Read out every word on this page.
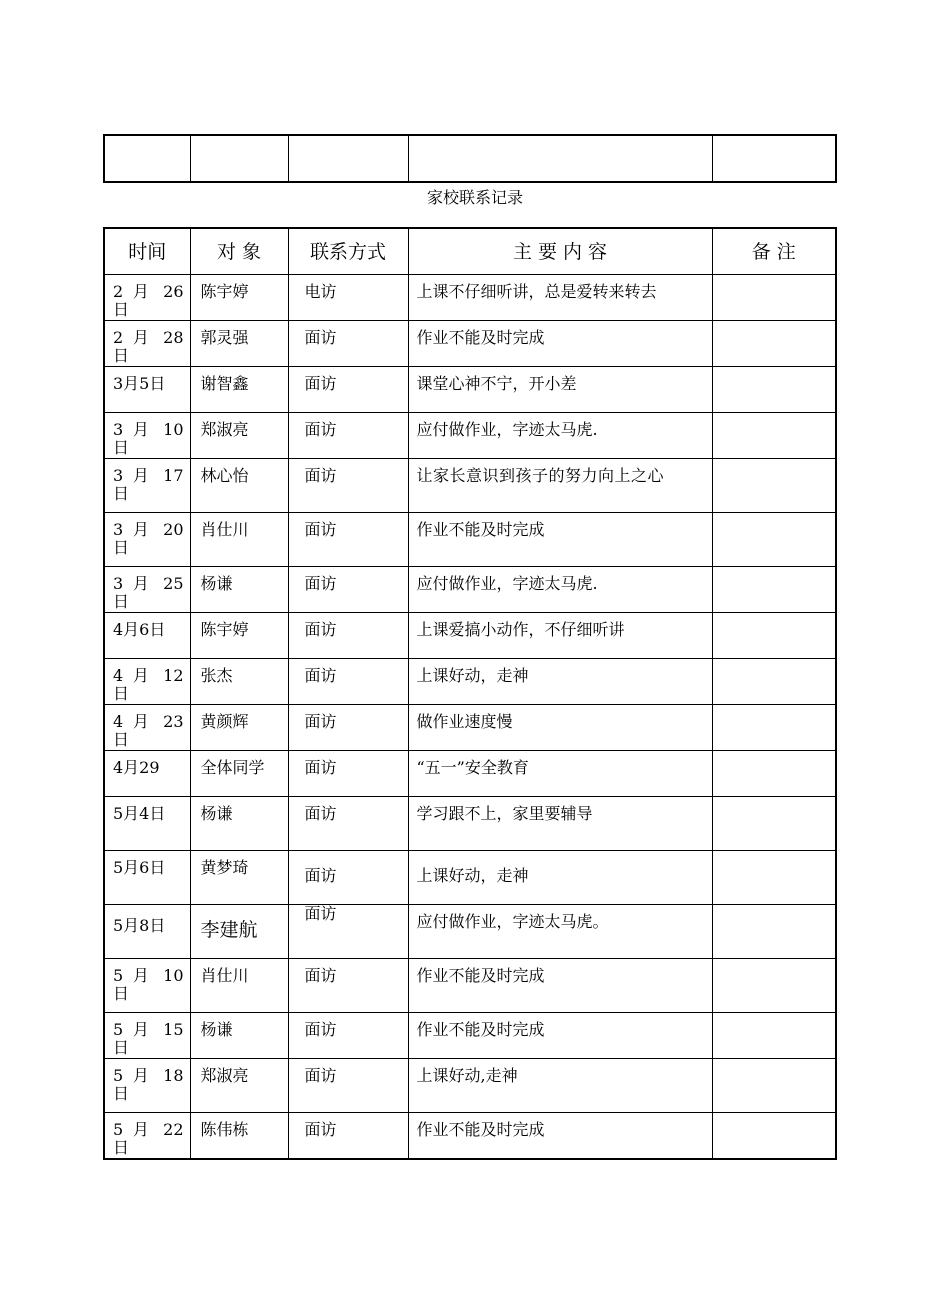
家校联系记录
时间	对 象	联系方式	主 要 内 容	备 注
2 月 26 日	陈宇婷	电访	上课不仔细听讲，总是爱转来转去	
2 月 28 日	郭灵强	面访	作业不能及时完成	
3月5日	谢智鑫	面访	课堂心神不宁，开小差	
3 月 10 日	郑淑亮	面访	应付做作业，字迹太马虎.	
3 月 17 日	林心怡	面访	让家长意识到孩子的努力向上之心	
3 月 20 日	肖仕川	面访	作业不能及时完成	
3 月 25 日	杨谦	面访	应付做作业，字迹太马虎.	
4月6日	陈宇婷	面访	上课爱搞小动作，不仔细听讲	
4 月 12 日	张杰	面访	上课好动，走神	
4 月 23 日	黄颜辉	面访	做作业速度慢	
4月29	全体同学	面访	“五一”安全教育	
5月4日	杨谦	面访	学习跟不上，家里要辅导	
5月6日	黄梦琦	面访	上课好动，走神	
5月8日	李建航	面访	应付做作业，字迹太马虎。	
5 月 10 日	肖仕川	面访	作业不能及时完成	
5 月 15 日	杨谦	面访	作业不能及时完成	
5 月 18 日	郑淑亮	面访	上课好动,走神	
5 月 22 日	陈伟栋	面访	作业不能及时完成	
